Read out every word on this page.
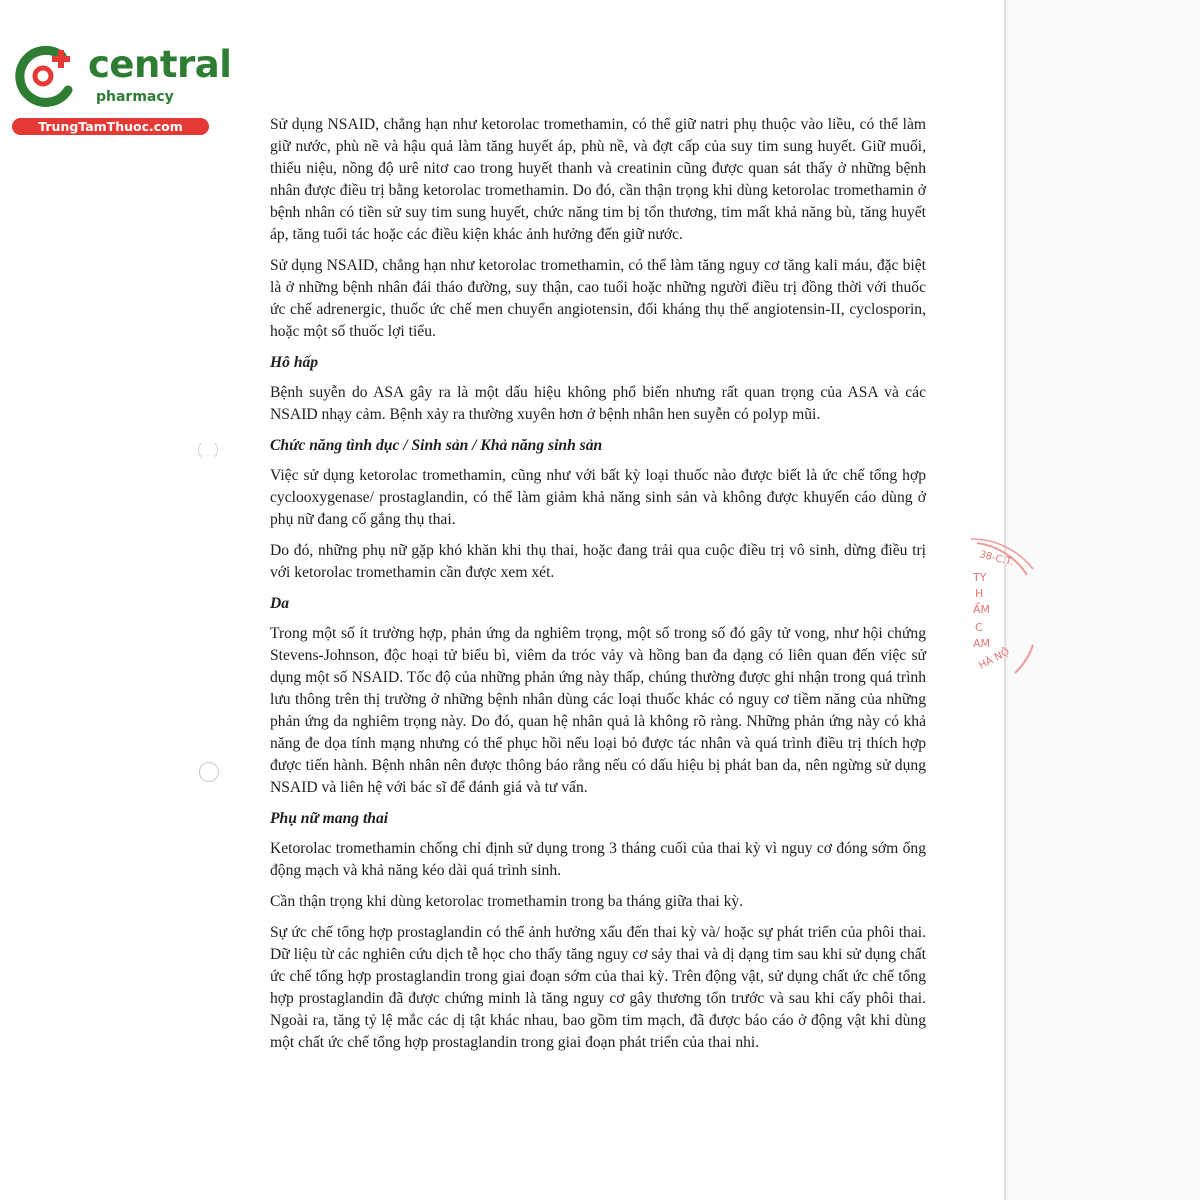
central
pharmacy
TrungTamThuoc.com
38-C.T.
TY
H
ẨM
C
AM
HÀ NỘ

Sử dụng NSAID, chẳng hạn như ketorolac tromethamin, có thể giữ natri phụ thuộc vào liều, có thể làm giữ nước, phù nề và hậu quả làm tăng huyết áp, phù nề, và đợt cấp của suy tim sung huyết. Giữ muối, thiểu niệu, nồng độ urê nitơ cao trong huyết thanh và creatinin cũng được quan sát thấy ở những bệnh nhân được điều trị bằng ketorolac tromethamin. Do đó, cần thận trọng khi dùng ketorolac tromethamin ở bệnh nhân có tiền sử suy tim sung huyết, chức năng tim bị tổn thương, tim mất khả năng bù, tăng huyết áp, tăng tuổi tác hoặc các điều kiện khác ảnh hưởng đến giữ nước.

Sử dụng NSAID, chẳng hạn như ketorolac tromethamin, có thể làm tăng nguy cơ tăng kali máu, đặc biệt là ở những bệnh nhân đái tháo đường, suy thận, cao tuổi hoặc những người điều trị đồng thời với thuốc ức chế adrenergic, thuốc ức chế men chuyển angiotensin, đối kháng thụ thể angiotensin-II, cyclosporin, hoặc một số thuốc lợi tiểu.

Hô hấp

Bệnh suyễn do ASA gây ra là một dấu hiệu không phổ biến nhưng rất quan trọng của ASA và các NSAID nhạy cảm. Bệnh xảy ra thường xuyên hơn ở bệnh nhân hen suyễn có polyp mũi.

Chức năng tình dục / Sinh sản / Khả năng sinh sản

Việc sử dụng ketorolac tromethamin, cũng như với bất kỳ loại thuốc nào được biết là ức chế tổng hợp cyclooxygenase/ prostaglandin, có thể làm giảm khả năng sinh sản và không được khuyến cáo dùng ở phụ nữ đang cố gắng thụ thai.

Do đó, những phụ nữ gặp khó khăn khi thụ thai, hoặc đang trải qua cuộc điều trị vô sinh, dừng điều trị với ketorolac tromethamin cần được xem xét.

Da

Trong một số ít trường hợp, phản ứng da nghiêm trọng, một số trong số đó gây tử vong, như hội chứng Stevens-Johnson, độc hoại tử biểu bì, viêm da tróc vảy và hồng ban đa dạng có liên quan đến việc sử dụng một số NSAID. Tốc độ của những phản ứng này thấp, chúng thường được ghi nhận trong quá trình lưu thông trên thị trường ở những bệnh nhân dùng các loại thuốc khác có nguy cơ tiềm năng của những phản ứng da nghiêm trọng này. Do đó, quan hệ nhân quả là không rõ ràng. Những phản ứng này có khả năng đe dọa tính mạng nhưng có thể phục hồi nếu loại bỏ được tác nhân và quá trình điều trị thích hợp được tiến hành. Bệnh nhân nên được thông báo rằng nếu có dấu hiệu bị phát ban da, nên ngừng sử dụng NSAID và liên hệ với bác sĩ để đánh giá và tư vấn.

Phụ nữ mang thai

Ketorolac tromethamin chống chỉ định sử dụng trong 3 tháng cuối của thai kỳ vì nguy cơ đóng sớm ống động mạch và khả năng kéo dài quá trình sinh.

Cần thận trọng khi dùng ketorolac tromethamin trong ba tháng giữa thai kỳ.

Sự ức chế tổng hợp prostaglandin có thể ảnh hưởng xấu đến thai kỳ và/ hoặc sự phát triển của phôi thai. Dữ liệu từ các nghiên cứu dịch tễ học cho thấy tăng nguy cơ sảy thai và dị dạng tim sau khi sử dụng chất ức chế tổng hợp prostaglandin trong giai đoạn sớm của thai kỳ. Trên động vật, sử dụng chất ức chế tổng hợp prostaglandin đã được chứng minh là tăng nguy cơ gây thương tổn trước và sau khi cấy phôi thai. Ngoài ra, tăng tỷ lệ mắc các dị tật khác nhau, bao gồm tim mạch, đã được báo cáo ở động vật khi dùng một chất ức chế tổng hợp prostaglandin trong giai đoạn phát triển của thai nhi.
